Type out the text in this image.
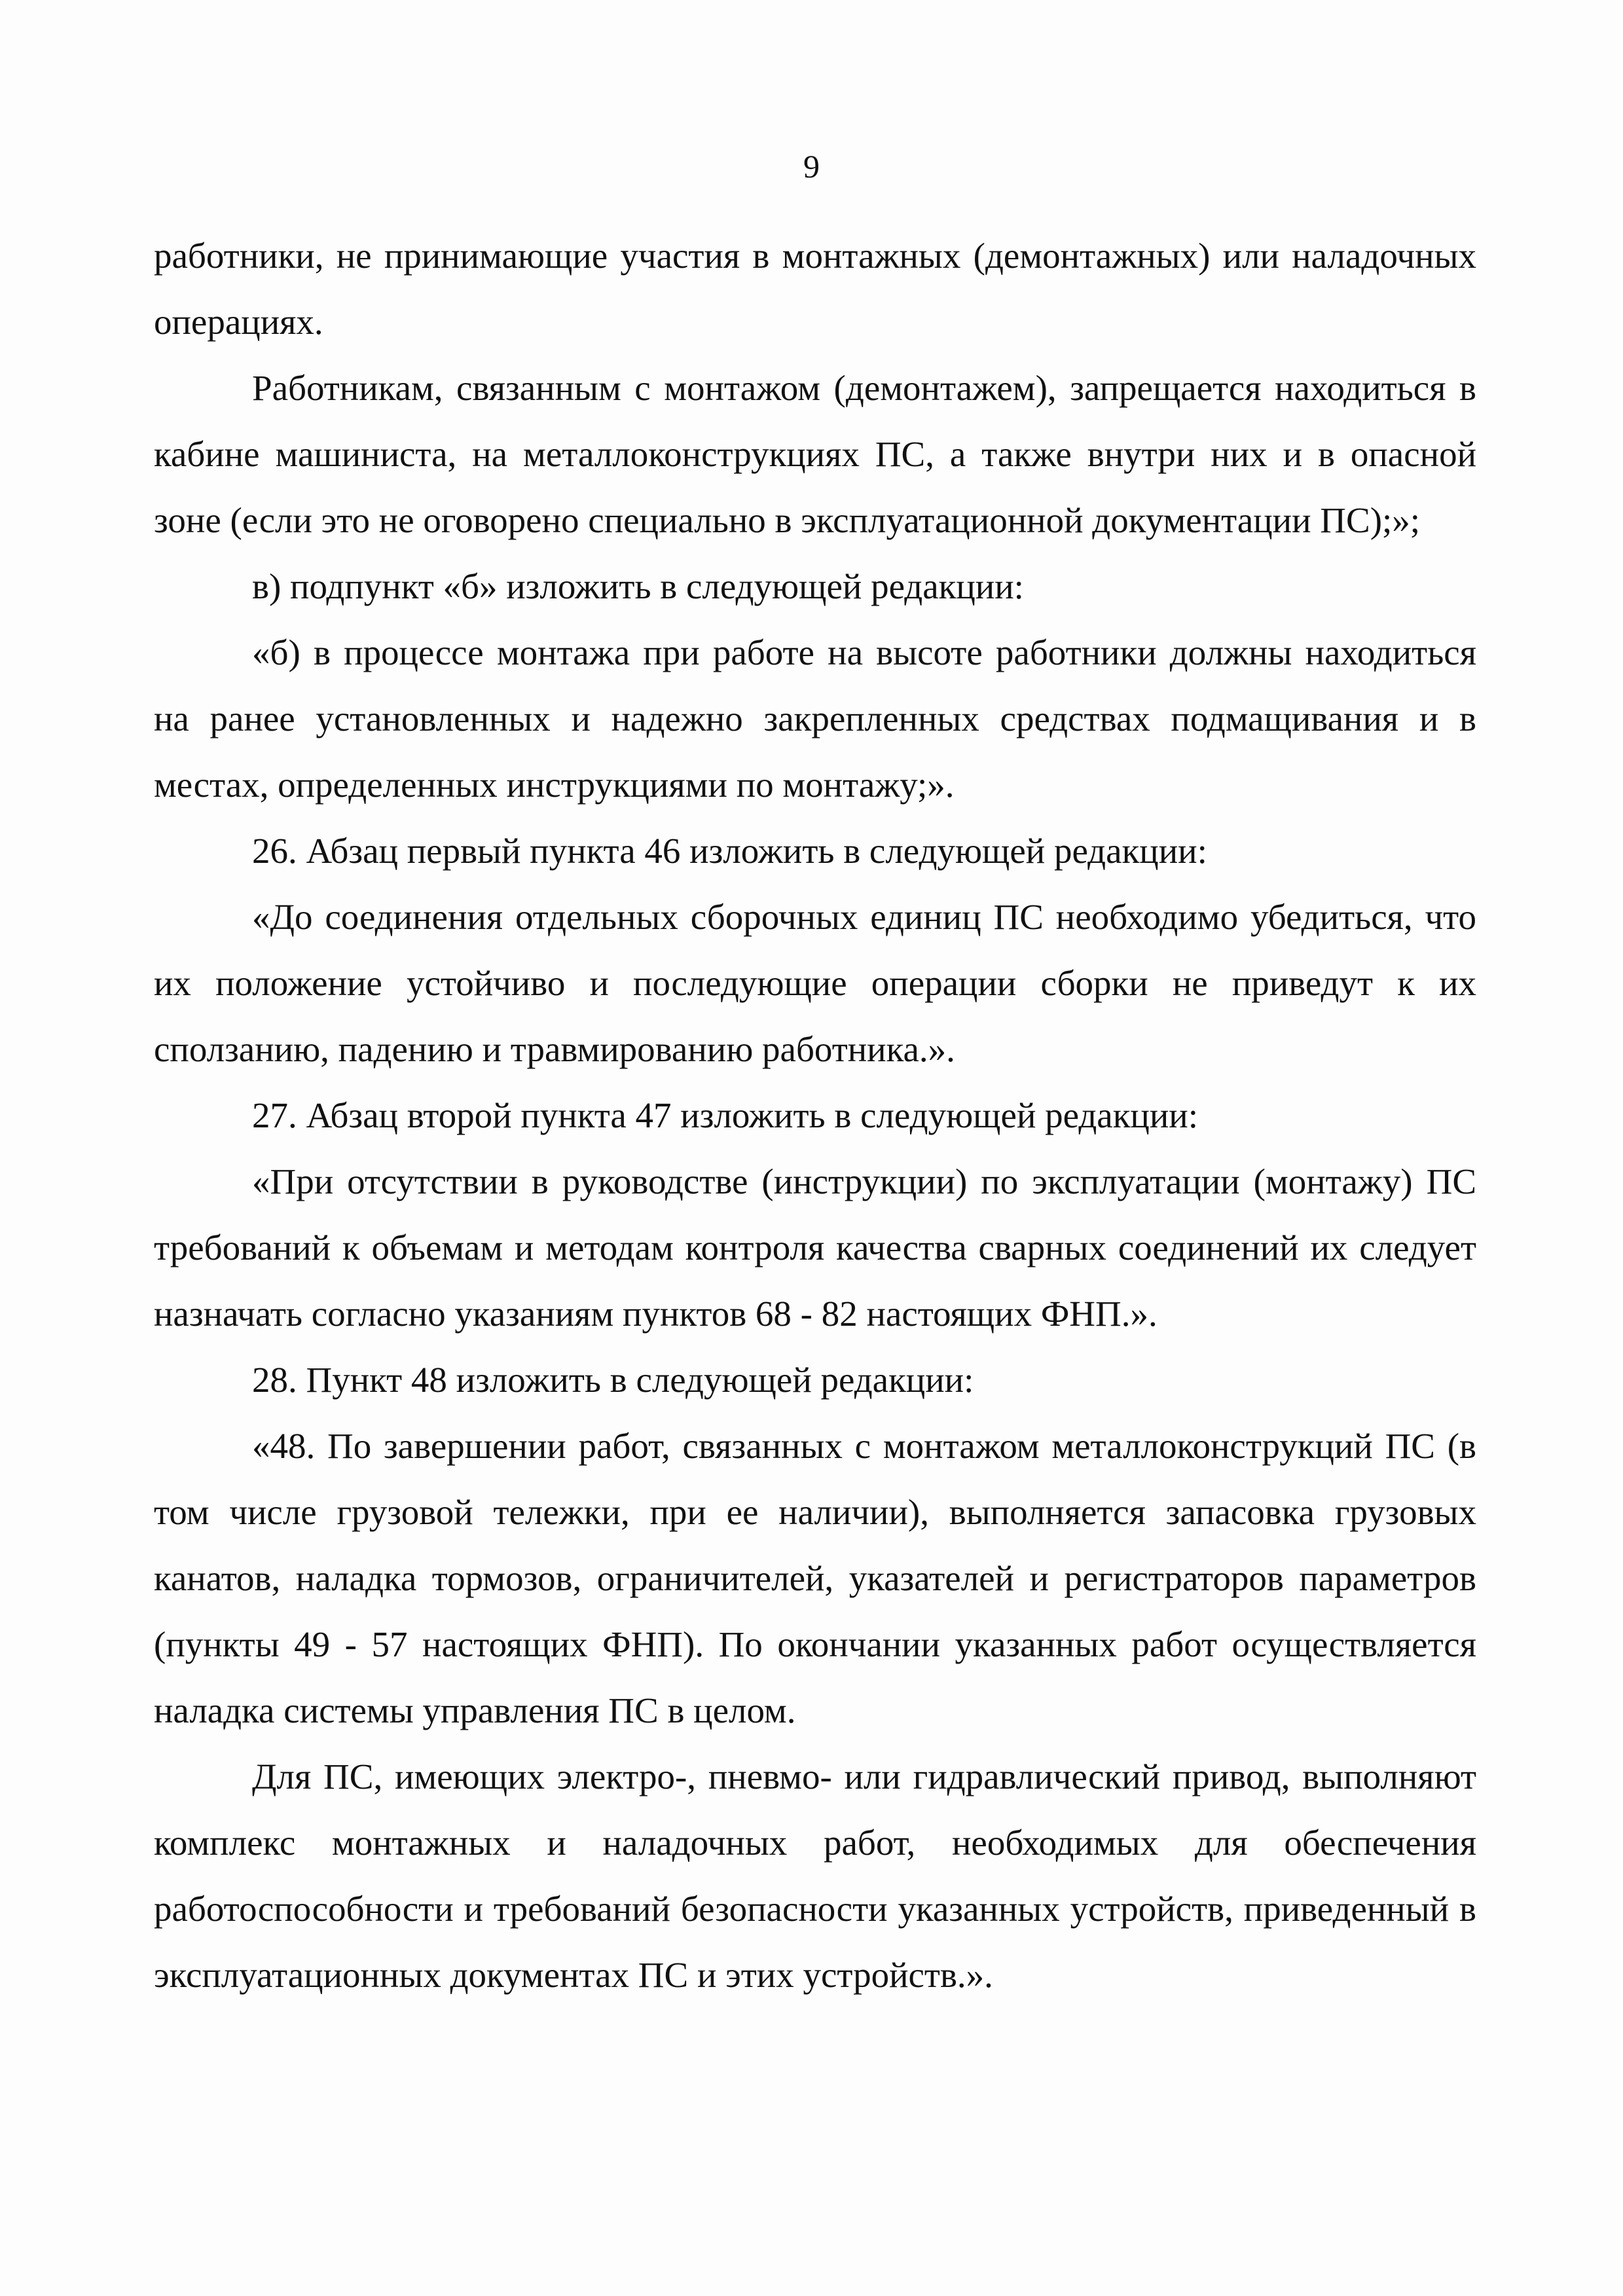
9

работники, не принимающие участия в монтажных (демонтажных) или наладочных операциях.

Работникам, связанным с монтажом (демонтажем), запрещается находиться в кабине машиниста, на металлоконструкциях ПС, а также внутри них и в опасной зоне (если это не оговорено специально в эксплуатационной документации ПС);»;

в) подпункт «б» изложить в следующей редакции:

«б) в процессе монтажа при работе на высоте работники должны находиться на ранее установленных и надежно закрепленных средствах подмащивания и в местах, определенных инструкциями по монтажу;».

26. Абзац первый пункта 46 изложить в следующей редакции:

«До соединения отдельных сборочных единиц ПС необходимо убедиться, что их положение устойчиво и последующие операции сборки не приведут к их сползанию, падению и травмированию работника.».

27. Абзац второй пункта 47 изложить в следующей редакции:

«При отсутствии в руководстве (инструкции) по эксплуатации (монтажу) ПС требований к объемам и методам контроля качества сварных соединений их следует назначать согласно указаниям пунктов 68 - 82 настоящих ФНП.».

28. Пункт 48 изложить в следующей редакции:

«48. По завершении работ, связанных с монтажом металлоконструкций ПС (в том числе грузовой тележки, при ее наличии), выполняется запасовка грузовых канатов, наладка тормозов, ограничителей, указателей и регистраторов параметров (пункты 49 - 57 настоящих ФНП). По окончании указанных работ осуществляется наладка системы управления ПС в целом.

Для ПС, имеющих электро-, пневмо- или гидравлический привод, выполняют комплекс монтажных и наладочных работ, необходимых для обеспечения работоспособности и требований безопасности указанных устройств, приведенный в эксплуатационных документах ПС и этих устройств.».
